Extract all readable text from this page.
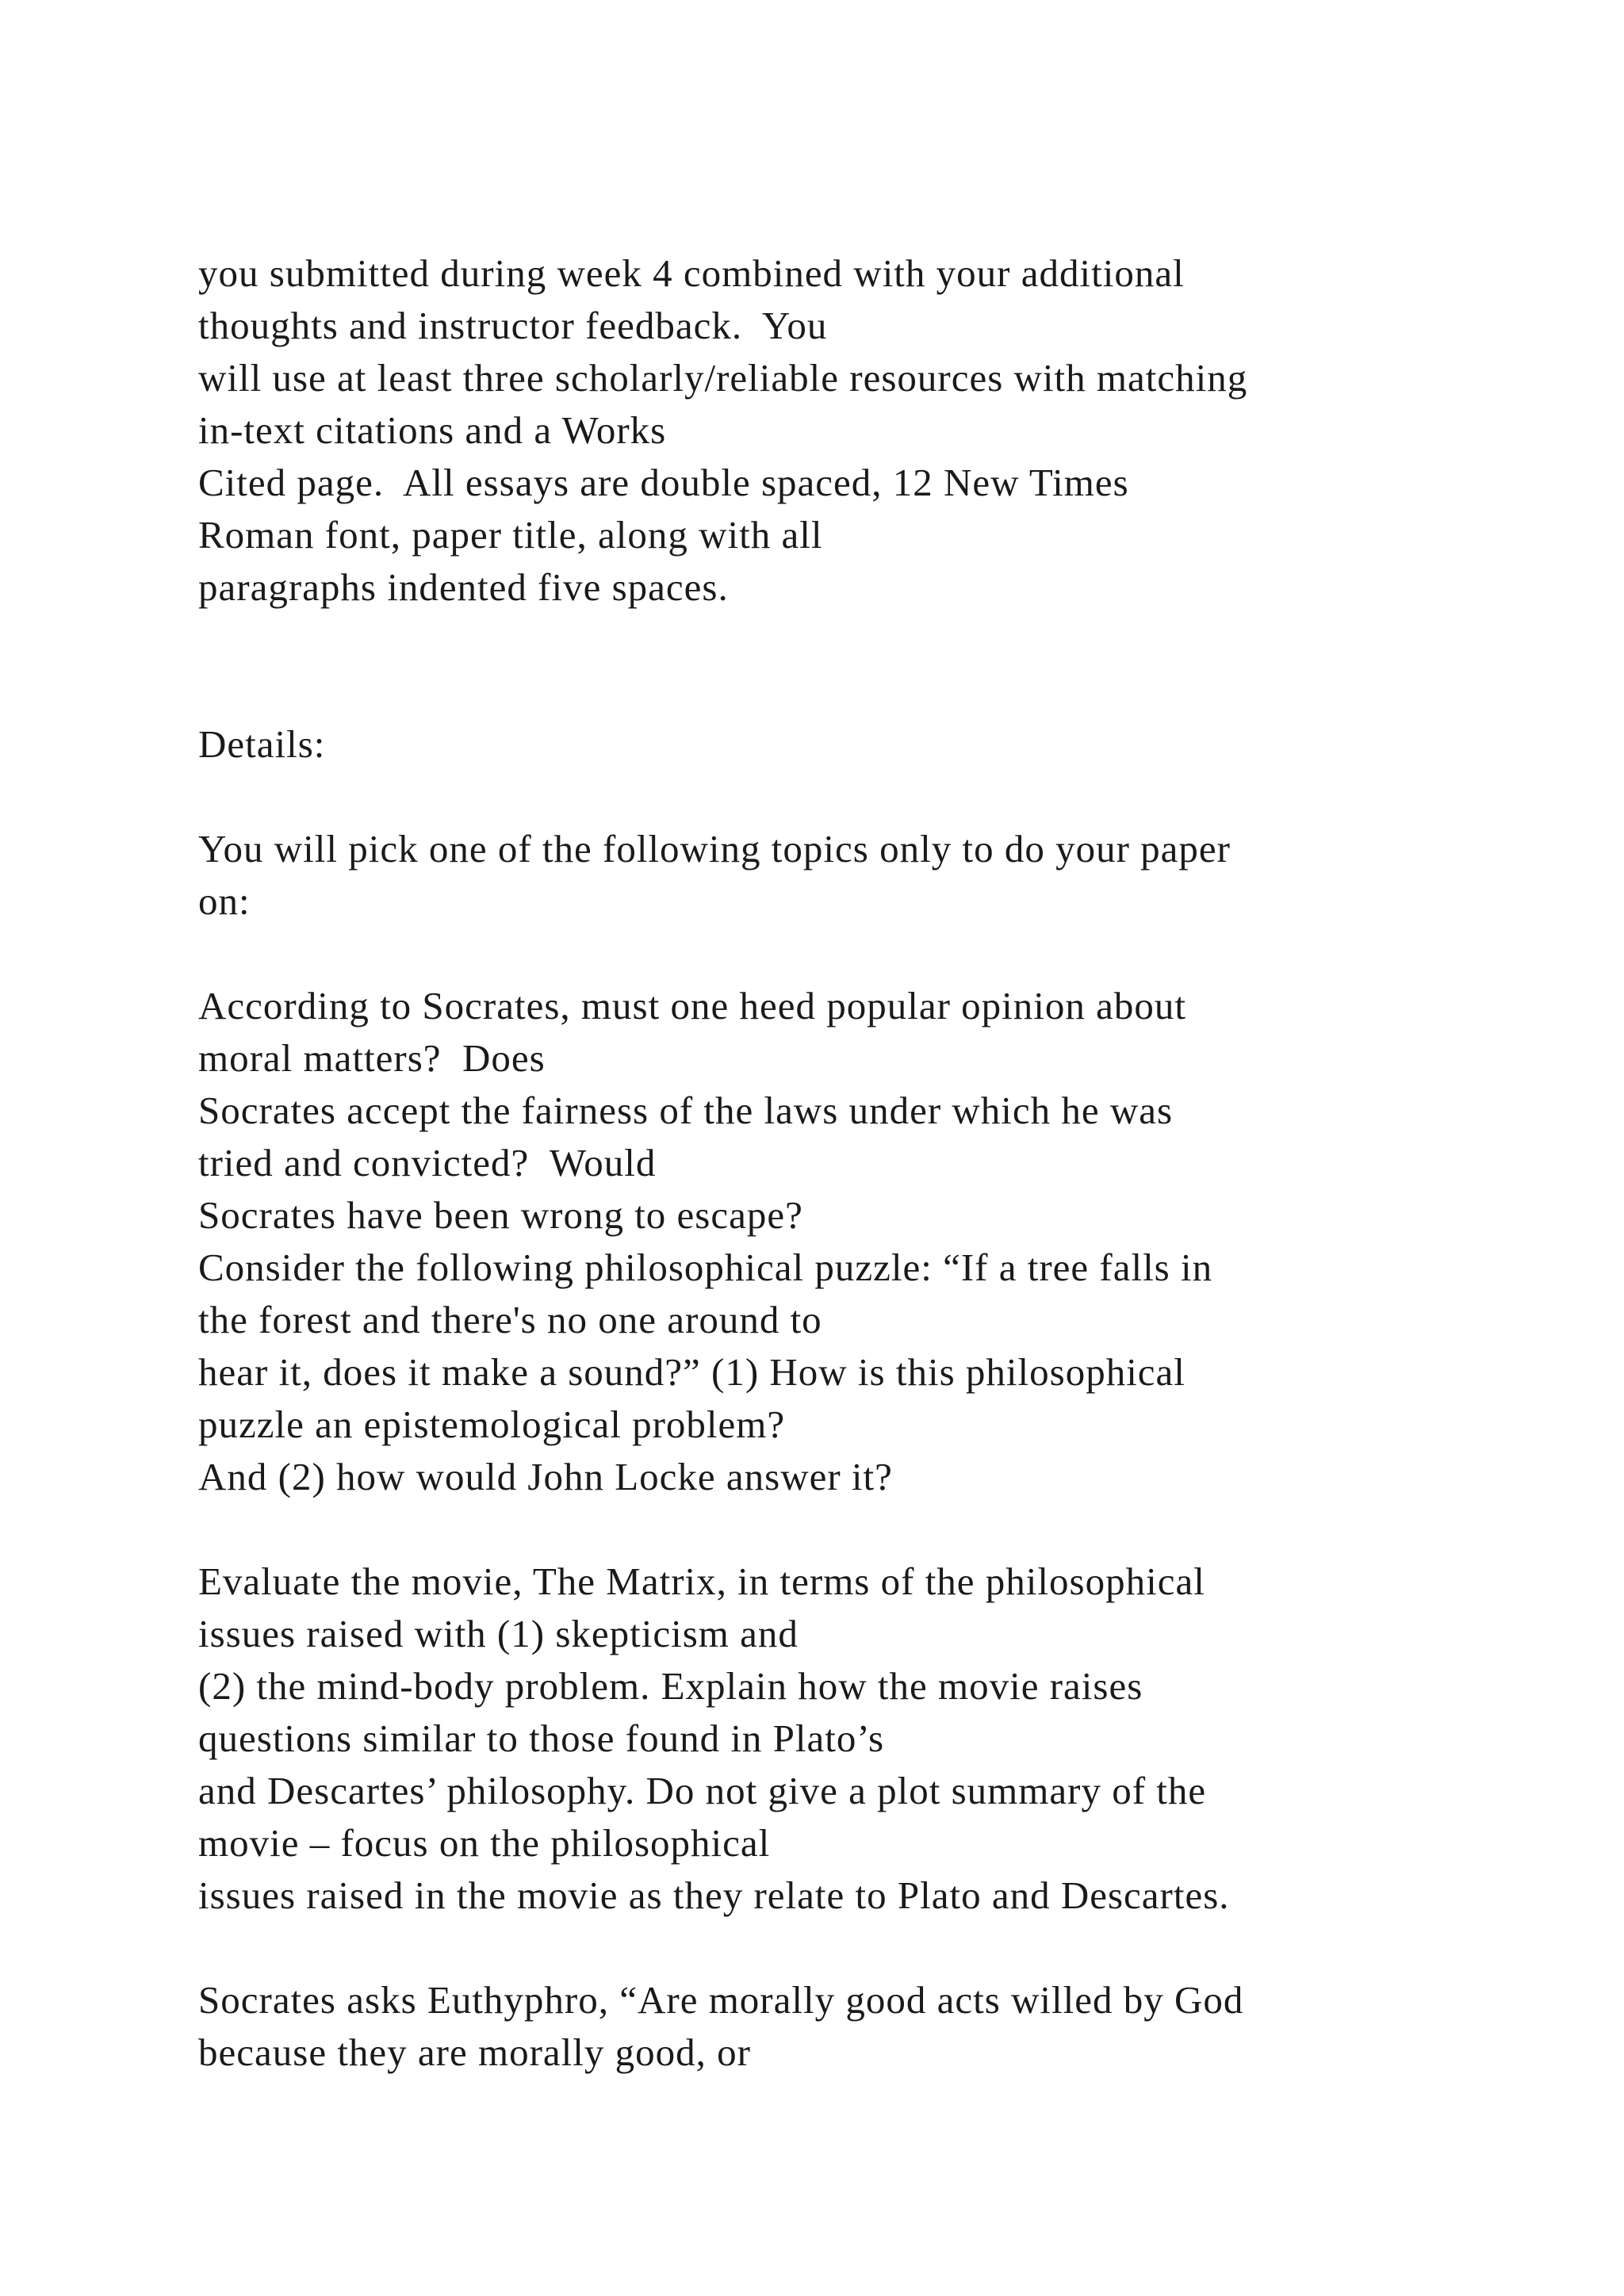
you submitted during week 4 combined with your additional
thoughts and instructor feedback.  You
will use at least three scholarly/reliable resources with matching
in-text citations and a Works
Cited page.  All essays are double spaced, 12 New Times
Roman font, paper title, along with all
paragraphs indented five spaces.
Details:
You will pick one of the following topics only to do your paper
on:
According to Socrates, must one heed popular opinion about
moral matters?  Does
Socrates accept the fairness of the laws under which he was
tried and convicted?  Would
Socrates have been wrong to escape?
Consider the following philosophical puzzle: “If a tree falls in
the forest and there's no one around to
hear it, does it make a sound?” (1) How is this philosophical
puzzle an epistemological problem?
And (2) how would John Locke answer it?
Evaluate the movie, The Matrix, in terms of the philosophical
issues raised with (1) skepticism and
(2) the mind-body problem. Explain how the movie raises
questions similar to those found in Plato’s
and Descartes’ philosophy. Do not give a plot summary of the
movie – focus on the philosophical
issues raised in the movie as they relate to Plato and Descartes.
Socrates asks Euthyphro, “Are morally good acts willed by God
because they are morally good, or
